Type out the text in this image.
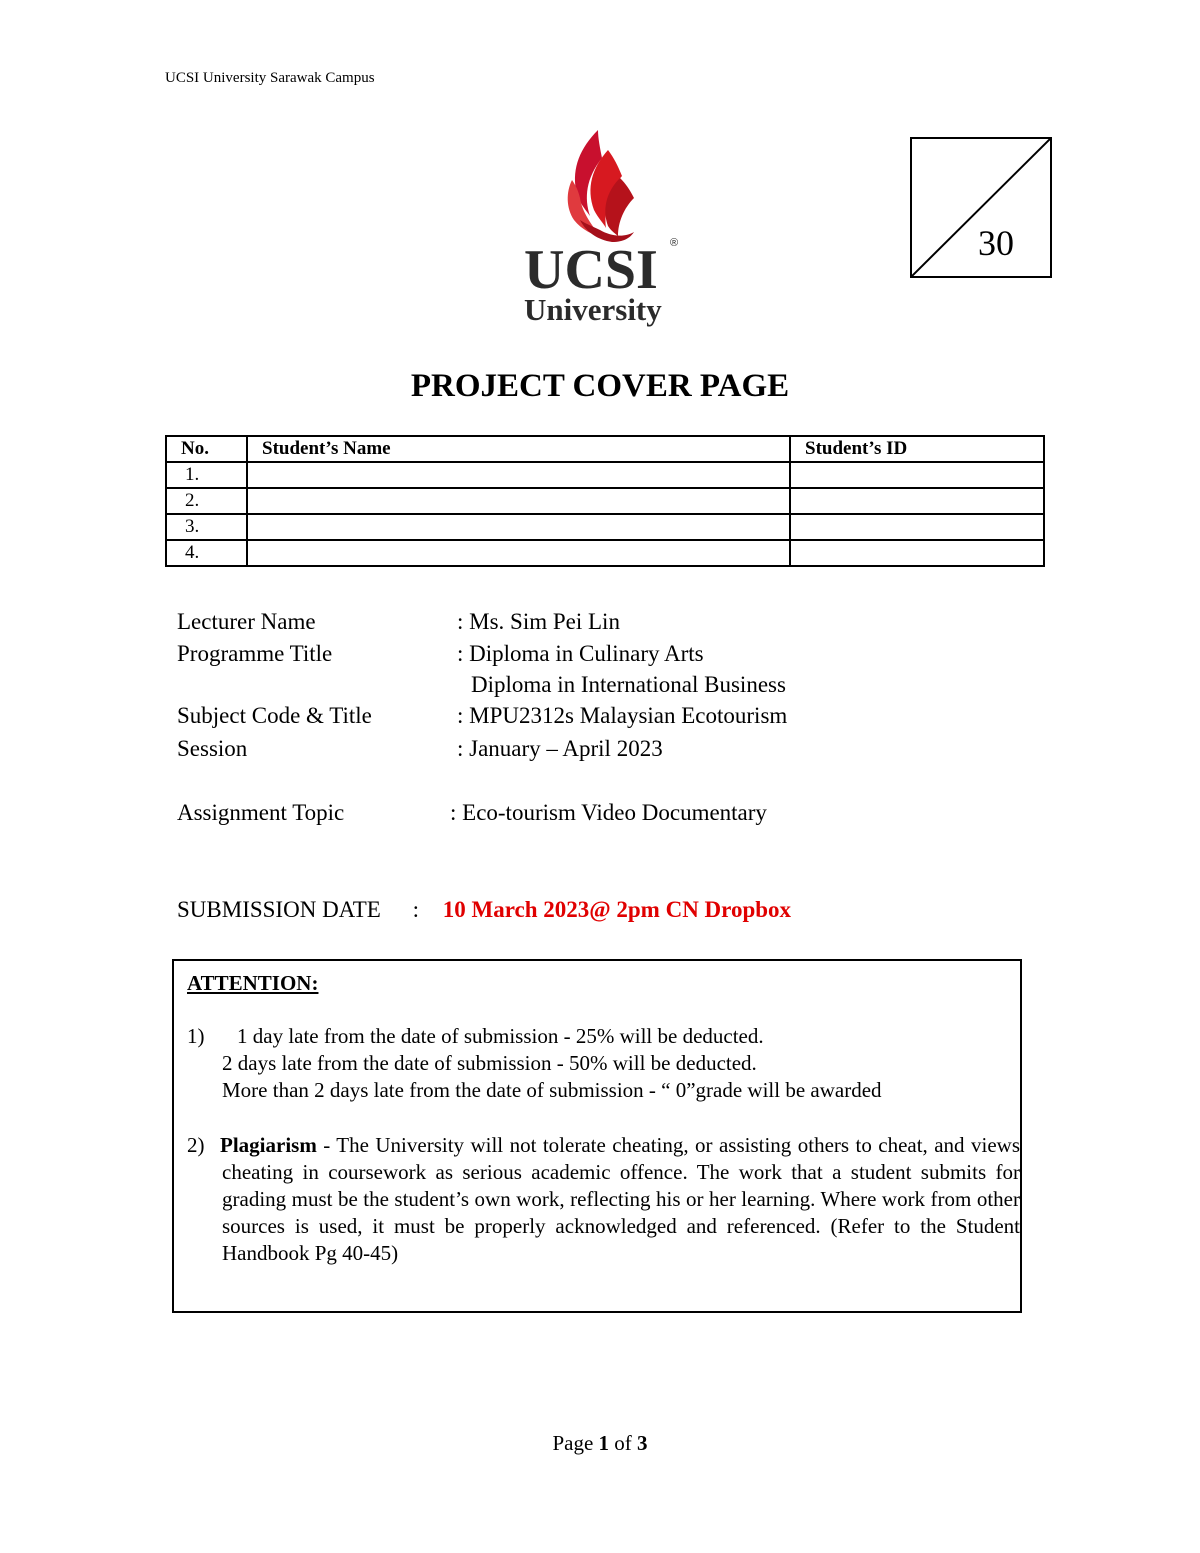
UCSI University Sarawak Campus
UCSI ®
University
30
PROJECT COVER PAGE
No.	Student’s Name	Student’s ID
1.		
2.		
3.		
4.		
Lecturer Name	: Ms. Sim Pei Lin
Programme Title	: Diploma in Culinary Arts
Diploma in International Business
Subject Code & Title	: MPU2312s Malaysian Ecotourism
Session	: January – April 2023
Assignment Topic	: Eco-tourism Video Documentary
SUBMISSION DATE : 10 March 2023@ 2pm CN Dropbox
ATTENTION:
1) 1 day late from the date of submission - 25% will be deducted.
2 days late from the date of submission - 50% will be deducted.
More than 2 days late from the date of submission - “ 0”grade will be awarded
2) Plagiarism - The University will not tolerate cheating, or assisting others to cheat, and views cheating in coursework as serious academic offence. The work that a student submits for grading must be the student’s own work, reflecting his or her learning. Where work from other sources is used, it must be properly acknowledged and referenced. (Refer to the Student Handbook Pg 40-45)
Page 1 of 3
